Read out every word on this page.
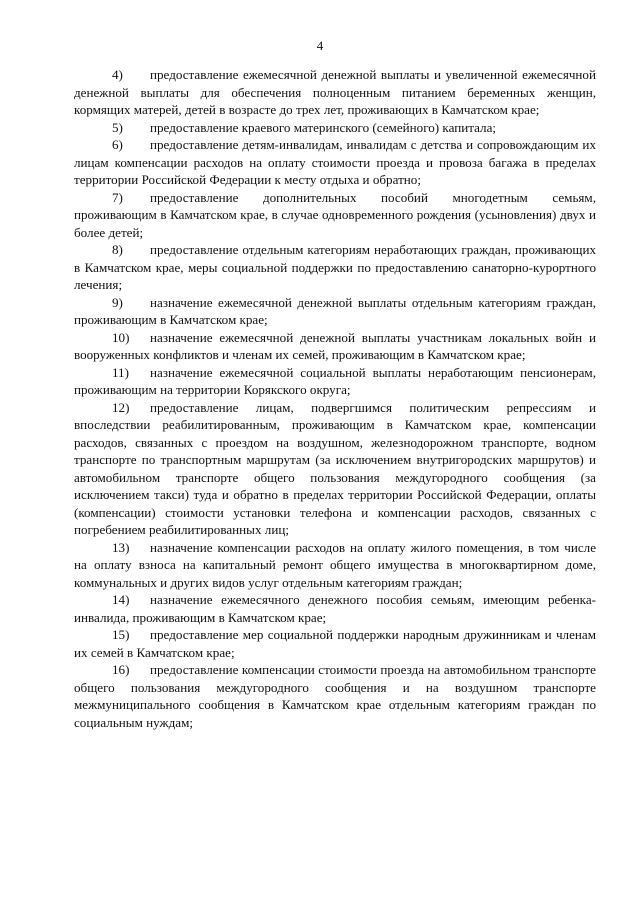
4

4) предоставление ежемесячной денежной выплаты и увеличенной ежемесячной денежной выплаты для обеспечения полноценным питанием беременных женщин, кормящих матерей, детей в возрасте до трех лет, проживающих в Камчатском крае;

5) предоставление краевого материнского (семейного) капитала;

6) предоставление детям-инвалидам, инвалидам с детства и сопровождающим их лицам компенсации расходов на оплату стоимости проезда и провоза багажа в пределах территории Российской Федерации к месту отдыха и обратно;

7) предоставление дополнительных пособий многодетным семьям, проживающим в Камчатском крае, в случае одновременного рождения (усыновления) двух и более детей;

8) предоставление отдельным категориям неработающих граждан, проживающих в Камчатском крае, меры социальной поддержки по предоставлению санаторно-курортного лечения;

9) назначение ежемесячной денежной выплаты отдельным категориям граждан, проживающим в Камчатском крае;

10) назначение ежемесячной денежной выплаты участникам локальных войн и вооруженных конфликтов и членам их семей, проживающим в Камчатском крае;

11) назначение ежемесячной социальной выплаты неработающим пенсионерам, проживающим на территории Корякского округа;

12) предоставление лицам, подвергшимся политическим репрессиям и впоследствии реабилитированным, проживающим в Камчатском крае, компенсации расходов, связанных с проездом на воздушном, железнодорожном транспорте, водном транспорте по транспортным маршрутам (за исключением внутригородских маршрутов) и автомобильном транспорте общего пользования междугородного сообщения (за исключением такси) туда и обратно в пределах территории Российской Федерации, оплаты (компенсации) стоимости установки телефона и компенсации расходов, связанных с погребением реабилитированных лиц;

13) назначение компенсации расходов на оплату жилого помещения, в том числе на оплату взноса на капитальный ремонт общего имущества в многоквартирном доме, коммунальных и других видов услуг отдельным категориям граждан;

14) назначение ежемесячного денежного пособия семьям, имеющим ребенка-инвалида, проживающим в Камчатском крае;

15) предоставление мер социальной поддержки народным дружинникам и членам их семей в Камчатском крае;

16) предоставление компенсации стоимости проезда на автомобильном транспорте общего пользования междугородного сообщения и на воздушном транспорте межмуниципального сообщения в Камчатском крае отдельным категориям граждан по социальным нуждам;
